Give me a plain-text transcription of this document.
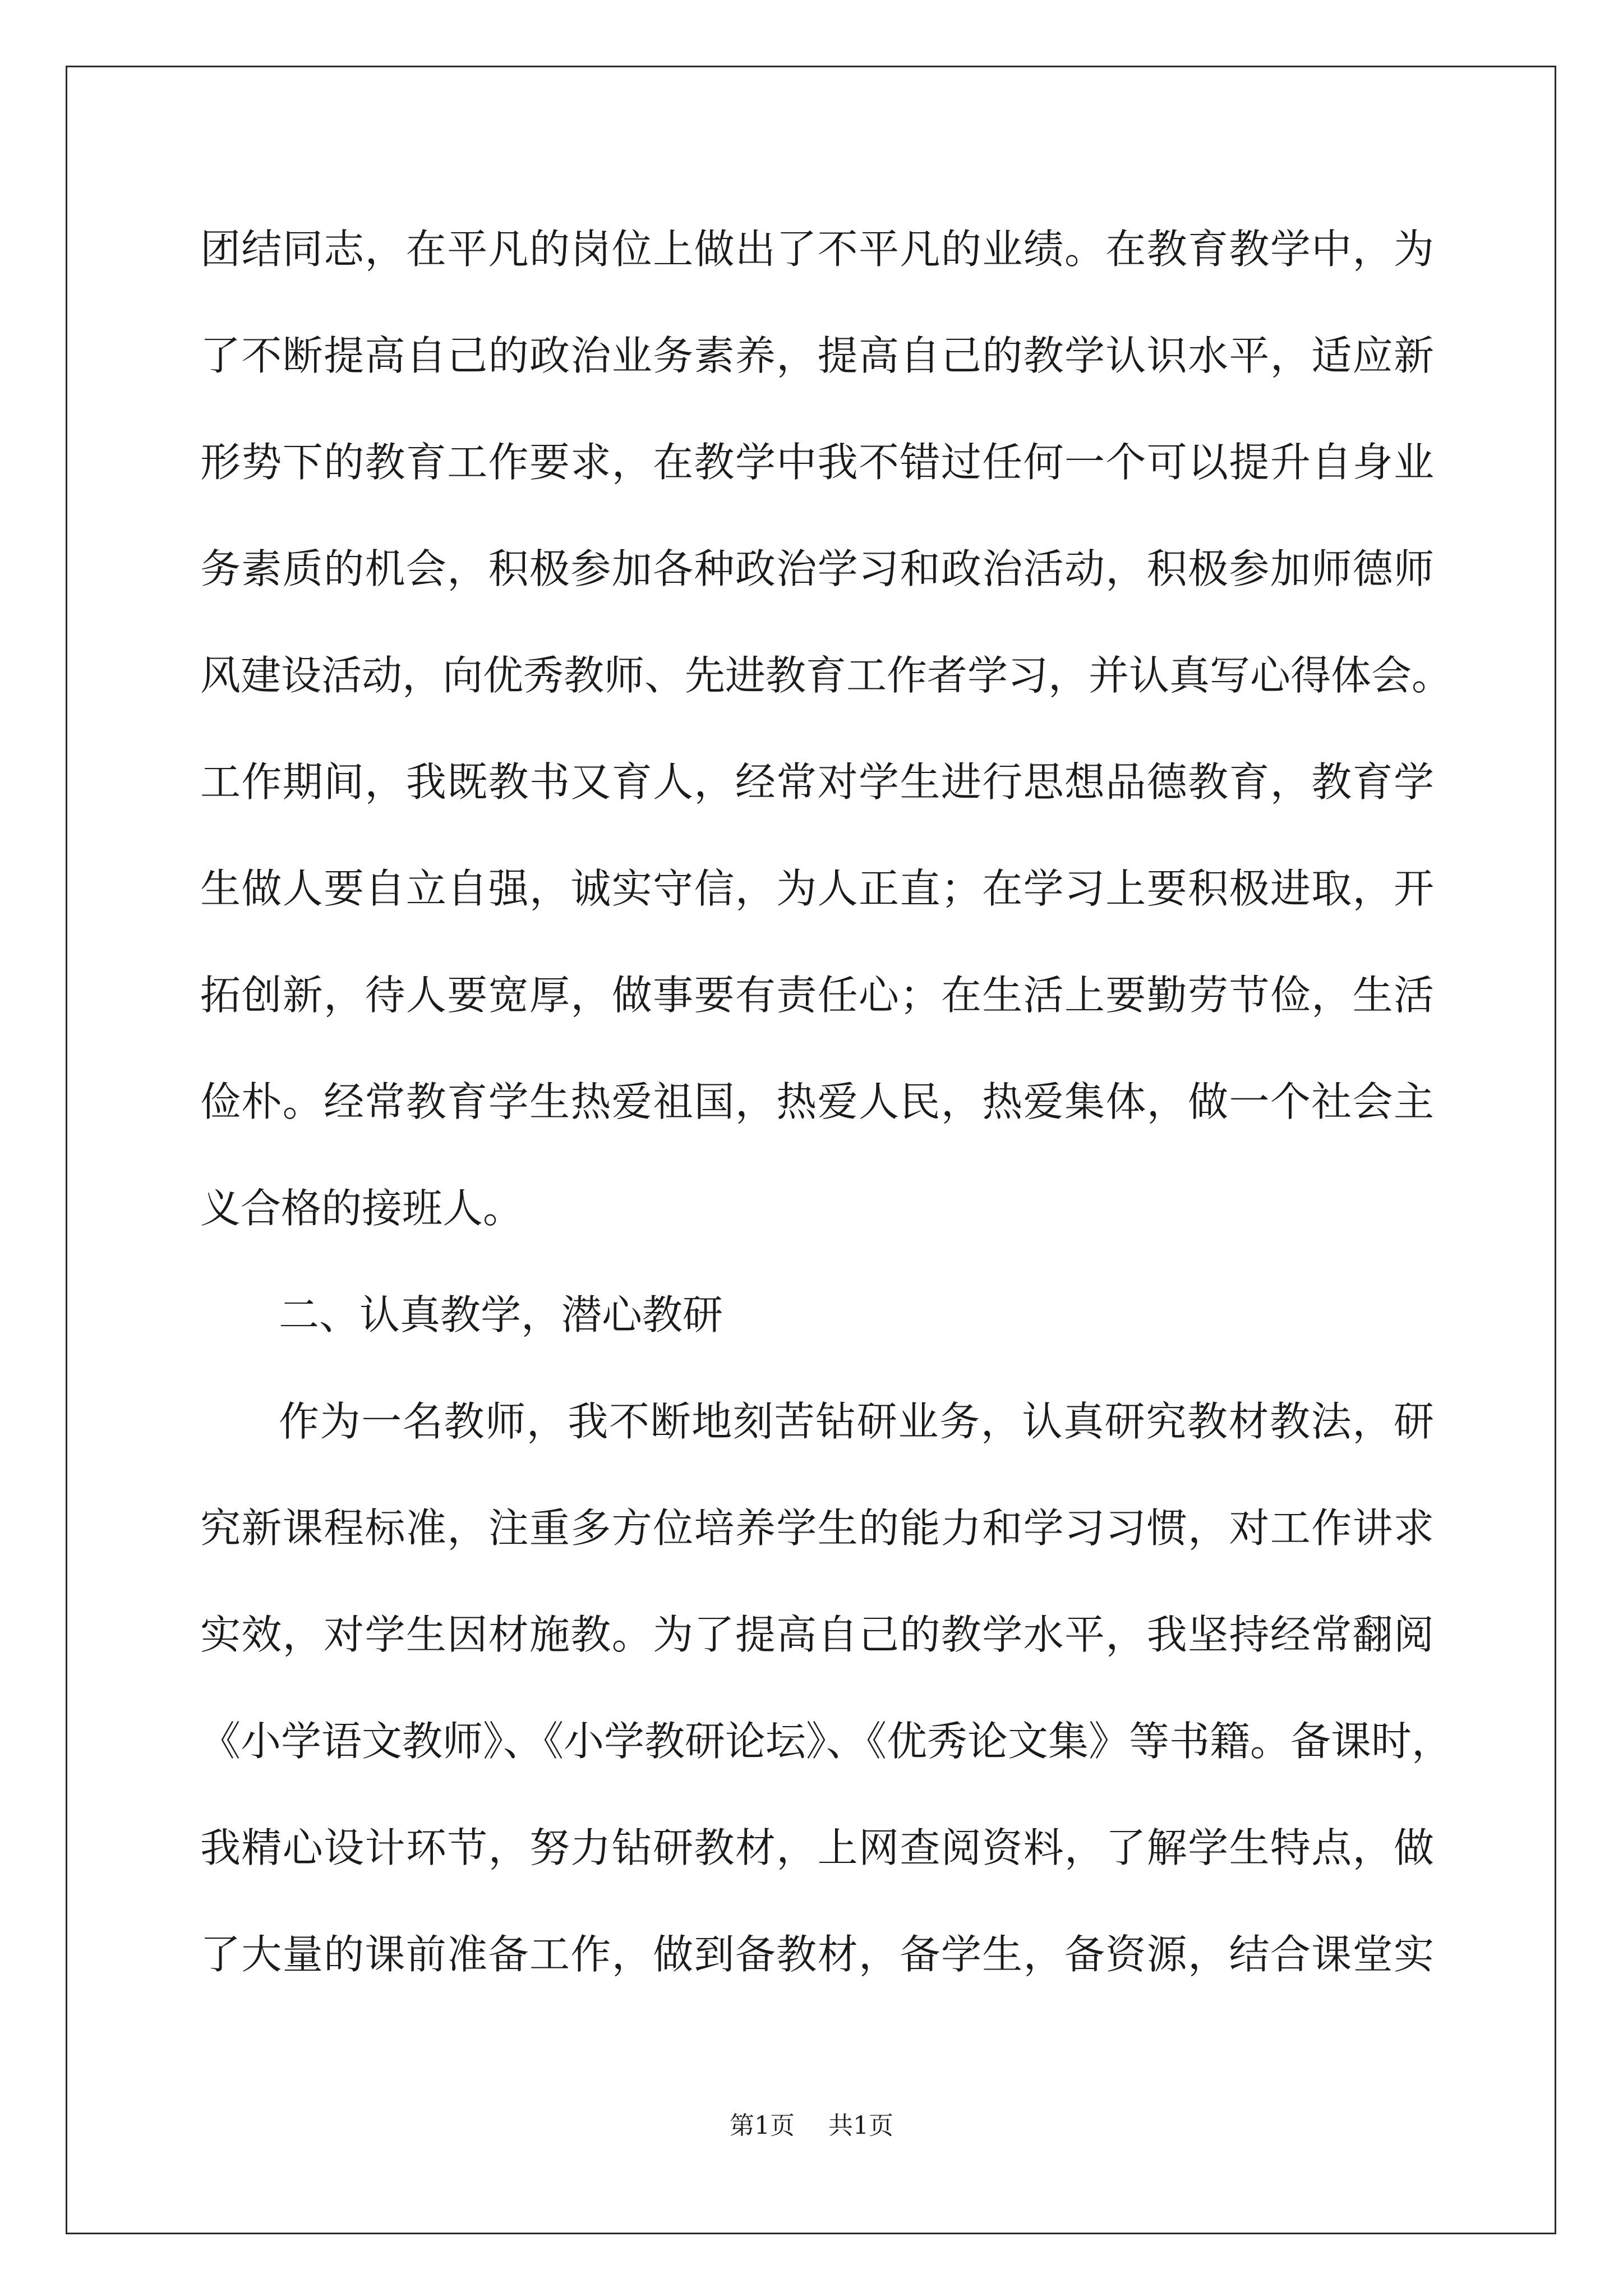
团结同志，在平凡的岗位上做出了不平凡的业绩。在教育教学中，为

了不断提高自己的政治业务素养，提高自己的教学认识水平，适应新

形势下的教育工作要求，在教学中我不错过任何一个可以提升自身业

务素质的机会，积极参加各种政治学习和政治活动，积极参加师德师

风建设活动，向优秀教师、先进教育工作者学习，并认真写心得体会。

工作期间，我既教书又育人，经常对学生进行思想品德教育，教育学

生做人要自立自强，诚实守信，为人正直；在学习上要积极进取，开

拓创新，待人要宽厚，做事要有责任心；在生活上要勤劳节俭，生活

俭朴。经常教育学生热爱祖国，热爱人民，热爱集体，做一个社会主

义合格的接班人。

二、认真教学，潜心教研

作为一名教师，我不断地刻苦钻研业务，认真研究教材教法，研

究新课程标准，注重多方位培养学生的能力和学习习惯，对工作讲求

实效，对学生因材施教。为了提高自己的教学水平，我坚持经常翻阅

《小学语文教师》、《小学教研论坛》、《优秀论文集》等书籍。备课时，

我精心设计环节，努力钻研教材，上网查阅资料，了解学生特点，做

了大量的课前准备工作，做到备教材，备学生，备资源，结合课堂实

第1页 共1页
